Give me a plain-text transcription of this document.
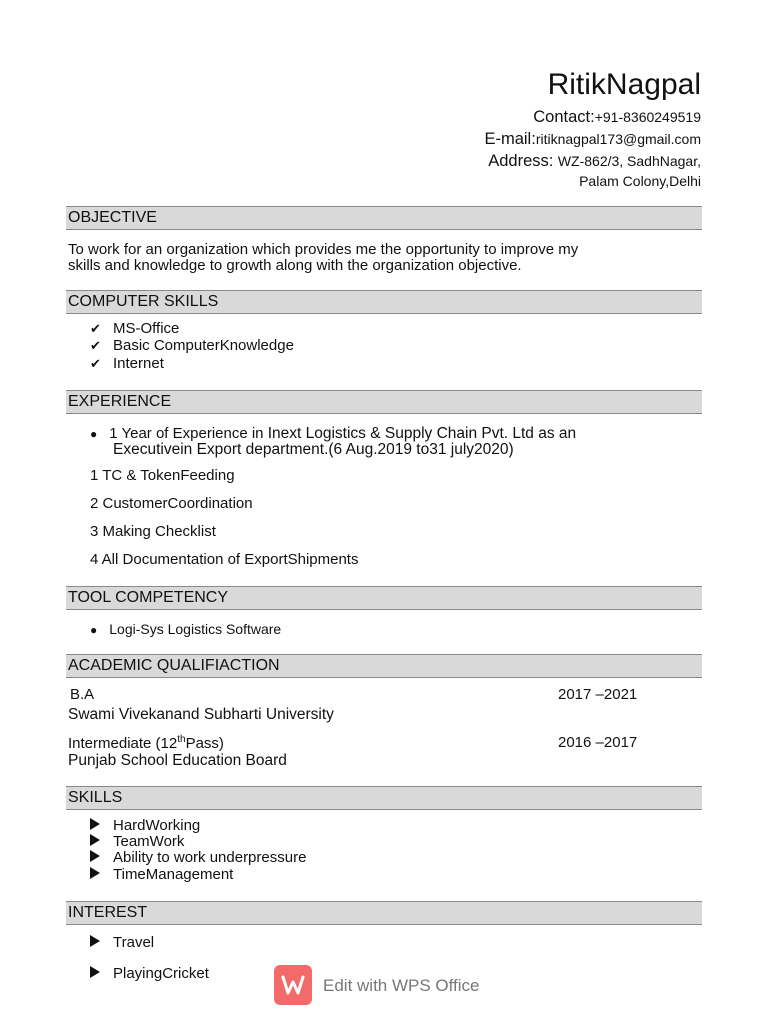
RitikNagpal
Contact:+91-8360249519
E-mail:ritiknagpal173@gmail.com
Address: WZ-862/3, SadhNagar,
Palam Colony,Delhi
OBJECTIVE
To work for an organization which provides me the opportunity to improve my
skills and knowledge to growth along with the organization objective.
COMPUTER SKILLS
✔ MS-Office
✔ Basic ComputerKnowledge
✔ Internet
EXPERIENCE
● 1 Year of Experience in Inext Logistics & Supply Chain Pvt. Ltd as an
Executivein Export department.(6 Aug.2019 to31 july2020)
1 TC & TokenFeeding
2 CustomerCoordination
3 Making Checklist
4 All Documentation of ExportShipments
TOOL COMPETENCY
● Logi-Sys Logistics Software
ACADEMIC QUALIFIACTION
B.A	2017 –2021
Swami Vivekanand Subharti University
Intermediate (12thPass)	2016 –2017
Punjab School Education Board
SKILLS
HardWorking
TeamWork
Ability to work underpressure
TimeManagement
INTEREST
Travel
PlayingCricket
Edit with WPS Office
